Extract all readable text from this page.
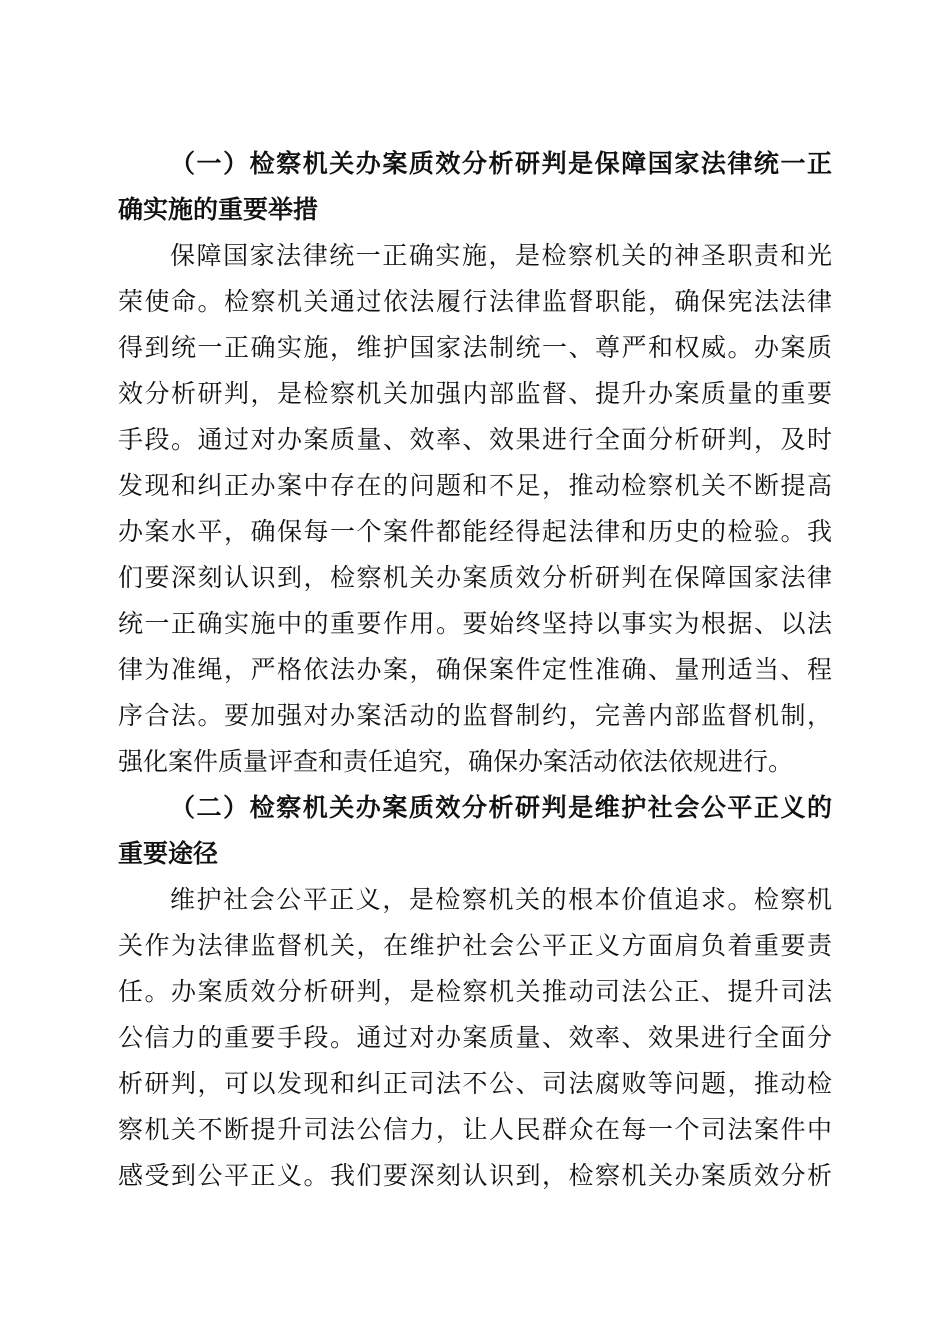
（一）检察机关办案质效分析研判是保障国家法律统一正
确实施的重要举措
保障国家法律统一正确实施，是检察机关的神圣职责和光
荣使命。检察机关通过依法履行法律监督职能，确保宪法法律
得到统一正确实施，维护国家法制统一、尊严和权威。办案质
效分析研判，是检察机关加强内部监督、提升办案质量的重要
手段。通过对办案质量、效率、效果进行全面分析研判，及时
发现和纠正办案中存在的问题和不足，推动检察机关不断提高
办案水平，确保每一个案件都能经得起法律和历史的检验。我
们要深刻认识到，检察机关办案质效分析研判在保障国家法律
统一正确实施中的重要作用。要始终坚持以事实为根据、以法
律为准绳，严格依法办案，确保案件定性准确、量刑适当、程
序合法。要加强对办案活动的监督制约，完善内部监督机制，
强化案件质量评查和责任追究，确保办案活动依法依规进行。
（二）检察机关办案质效分析研判是维护社会公平正义的
重要途径
维护社会公平正义，是检察机关的根本价值追求。检察机
关作为法律监督机关，在维护社会公平正义方面肩负着重要责
任。办案质效分析研判，是检察机关推动司法公正、提升司法
公信力的重要手段。通过对办案质量、效率、效果进行全面分
析研判，可以发现和纠正司法不公、司法腐败等问题，推动检
察机关不断提升司法公信力，让人民群众在每一个司法案件中
感受到公平正义。我们要深刻认识到，检察机关办案质效分析
